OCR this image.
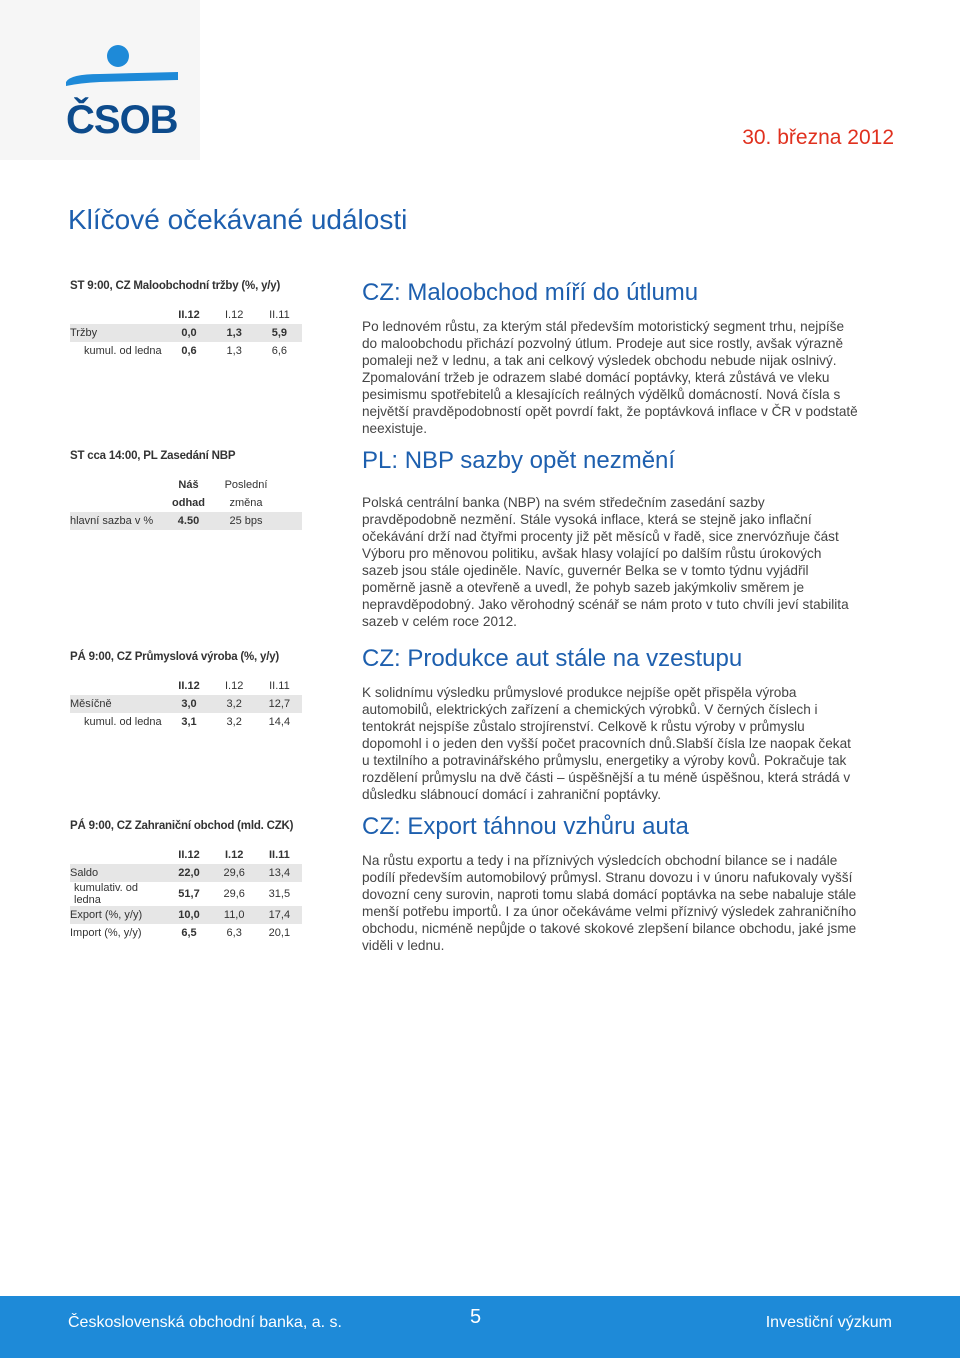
ČSOB	30. března 2012
Klíčové očekávané události
ST 9:00, CZ Maloobchodní tržby (%, y/y)
	II.12	I.12	II.11
Tržby	0,0	1,3	5,9
kumul. od ledna	0,6	1,3	6,6
ST cca 14:00, PL Zasedání NBP
	Náš	Poslední	
	odhad	změna	
hlavní sazba v %	4.50	25 bps	
PÁ 9:00, CZ Průmyslová výroba (%, y/y)
	II.12	I.12	II.11
Měsíčně	3,0	3,2	12,7
kumul. od ledna	3,1	3,2	14,4
PÁ 9:00, CZ Zahraniční obchod (mld. CZK)
	II.12	I.12	II.11
Saldo	22,0	29,6	13,4
kumulativ. od ledna	51,7	29,6	31,5
Export (%, y/y)	10,0	11,0	17,4
Import (%, y/y)	6,5	6,3	20,1
CZ: Maloobchod míří do útlumu
Po lednovém růstu, za kterým stál především motoristický segment trhu, nejpíše
do maloobchodu přichází pozvolný útlum. Prodeje aut sice rostly, avšak výrazně
pomaleji než v lednu, a tak ani celkový výsledek obchodu nebude nijak oslnivý.
Zpomalování tržeb je odrazem slabé domácí poptávky, která zůstává ve vleku
pesimismu spotřebitelů a klesajících reálných výdělků domácností. Nová čísla s
největší pravděpodobností opět povrdí fakt, že poptávková inflace v ČR v podstatě
neexistuje.
PL: NBP sazby opět nezmění
Polská centrální banka (NBP) na svém středečním zasedání sazby
pravděpodobně nezmění. Stále vysoká inflace, která se stejně jako inflační
očekávání drží nad čtyřmi procenty již pět měsíců v řadě, sice znervózňuje část
Výboru pro měnovou politiku, avšak hlasy volající po dalším růstu úrokových
sazeb jsou stále ojediněle. Navíc, guvernér Belka se v tomto týdnu vyjádřil
poměrně jasně a otevřeně a uvedl, že pohyb sazeb jakýmkoliv směrem je
nepravděpodobný. Jako věrohodný scénář se nám proto v tuto chvíli jeví stabilita
sazeb v celém roce 2012.
CZ: Produkce aut stále na vzestupu
K solidnímu výsledku průmyslové produkce nejpíše opět přispěla výroba
automobilů, elektrických zařízení a chemických výrobků. V černých číslech i
tentokrát nejspíše zůstalo strojírenství. Celkově k růstu výroby v průmyslu
dopomohl i o jeden den vyšší počet pracovních dnů.Slabší čísla lze naopak čekat
u textilního a potravinářského průmyslu, energetiky a výroby kovů. Pokračuje tak
rozdělení průmyslu na dvě části – úspěšnější a tu méně úspěšnou, která strádá v
důsledku slábnoucí domácí i zahraniční poptávky.
CZ: Export táhnou vzhůru auta
Na růstu exportu a tedy i na příznivých výsledcích obchodní bilance se i nadále
podílí především automobilový průmysl. Stranu dovozu i v únoru nafukovaly vyšší
dovozní ceny surovin, naproti tomu slabá domácí poptávka na sebe nabaluje stále
menší potřebu importů. I za únor očekáváme velmi příznivý výsledek zahraničního
obchodu, nicméně nepůjde o takové skokové zlepšení bilance obchodu, jaké jsme
viděli v lednu.
Československá obchodní banka, a. s.	5	Investiční výzkum
